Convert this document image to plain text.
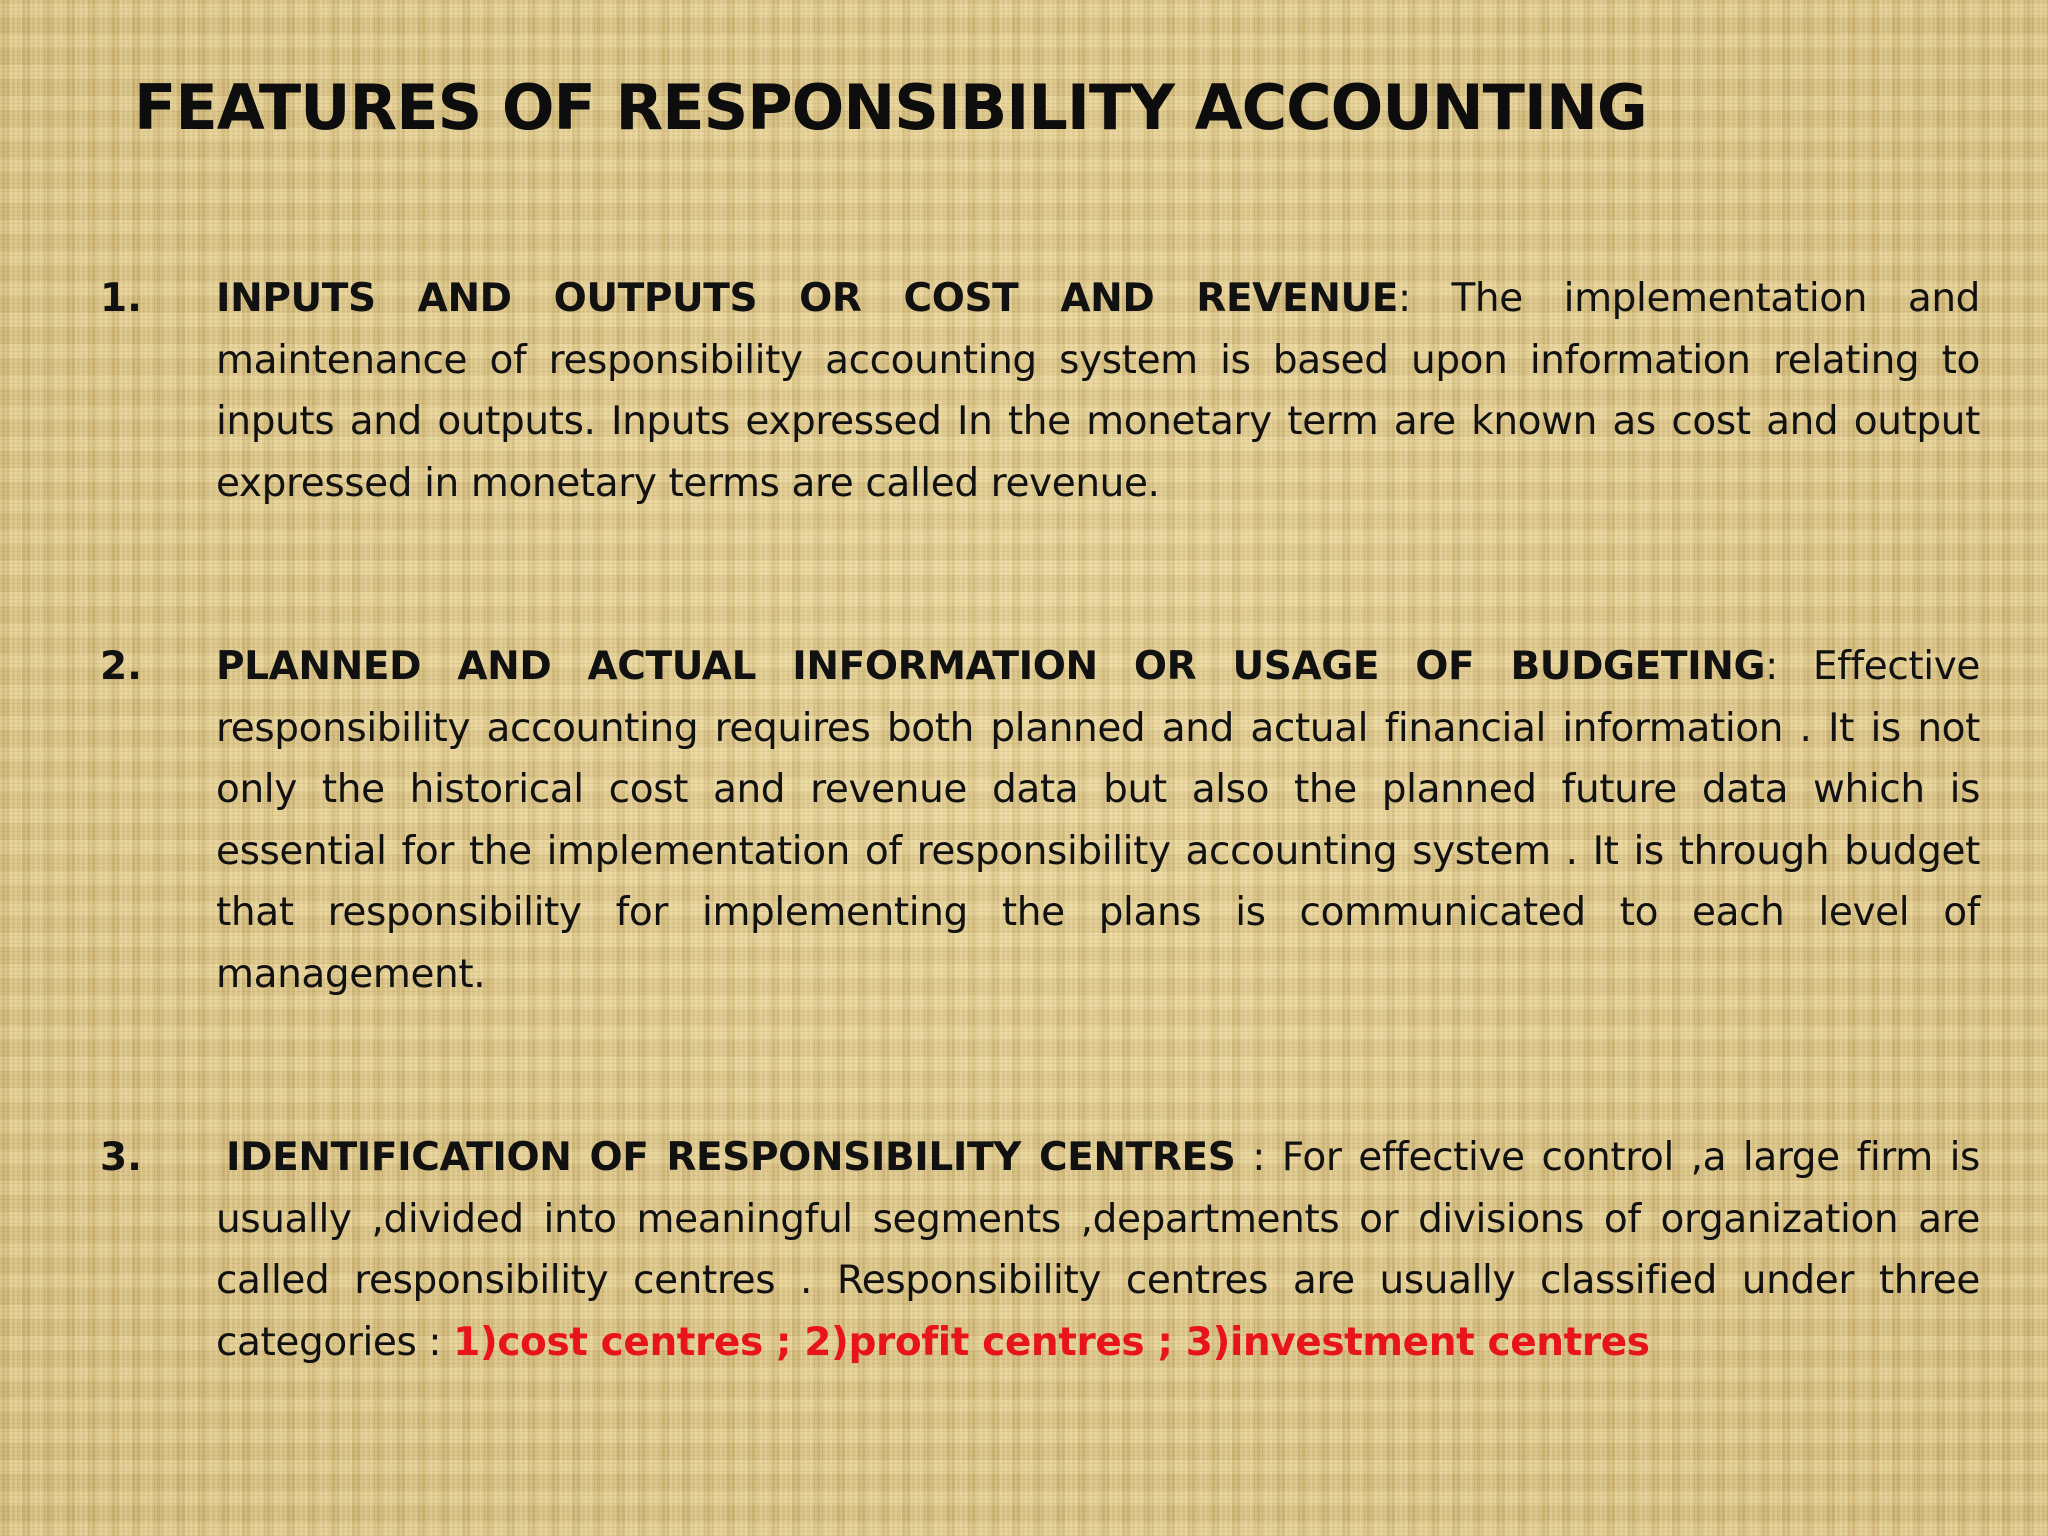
FEATURES OF RESPONSIBILITY ACCOUNTING
1. INPUTS AND OUTPUTS OR COST AND REVENUE: The implementation and maintenance of responsibility accounting system is based upon information relating to inputs and outputs. Inputs expressed In the monetary term are known as cost and output expressed in monetary terms are called revenue.

2. PLANNED AND ACTUAL INFORMATION OR USAGE OF BUDGETING: Effective responsibility accounting requires both planned and actual financial information . It is not only the historical cost and revenue data but also the planned future data which is essential for the implementation of responsibility accounting system . It is through budget that responsibility for implementing the plans is communicated to each level of management.

3. IDENTIFICATION OF RESPONSIBILITY CENTRES : For effective control ,a large firm is usually ,divided into meaningful segments ,departments or divisions of organization are called responsibility centres . Responsibility centres are usually classified under three categories : 1)cost centres ; 2)profit centres ; 3)investment centres
